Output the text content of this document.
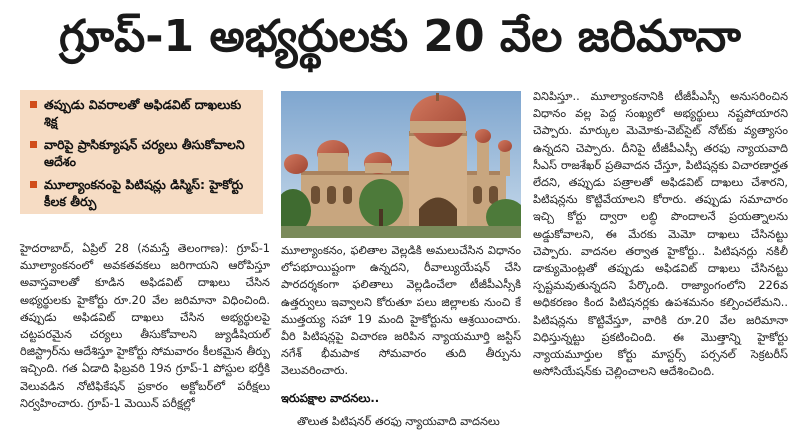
గ్రూప్-1 అభ్యర్థులకు 20 వేల జరిమానా
తప్పుడు వివరాలతో అఫిడవిట్ దాఖలుకు శిక్ష
వారిపై ప్రాసిక్యూషన్ చర్యలు తీసుకోవాలని ఆదేశం
మూల్యాంకనంపై పిటిషన్లు డిస్మిస్: హైకోర్టు కీలక తీర్పు

హైదరాబాద్, ఏప్రిల్ 28 (నమస్తే తెలంగాణ): గ్రూప్-1 మూల్యాంకనంలో అవకతవకలు జరిగాయని ఆరోపిస్తూ అవాస్తవాలతో కూడిన అఫిడవిట్ దాఖలు చేసిన అభ్యర్థులకు హైకోర్టు రూ.20 వేల జరిమానా విధించింది. తప్పుడు అఫిడవిట్ దాఖలు చేసిన అభ్యర్థులపై చట్టపరమైన చర్యలు తీసుకోవాలని జ్యుడీషియల్ రిజిస్ట్రార్‌ను ఆదేశిస్తూ హైకోర్టు సోమవారం కీలకమైన తీర్పు ఇచ్చింది. గత ఏడాది ఫిబ్రవరి 19న గ్రూప్-1 పోస్టుల భర్తీకి వెలువడిన నోటిఫికేషన్ ప్రకారం అక్టోబర్‌లో పరీక్షలు నిర్వహించారు. గ్రూప్-1 మెయిన్ పరీక్షల్లో

మూల్యాంకనం, ఫలితాల వెల్లడికి అమలుచేసిన విధానం లోపభూయిష్టంగా ఉన్నదని, రీవాల్యుయేషన్ చేసి పారదర్శకంగా ఫలితాలు వెల్లడించేలా టీజీపీఎస్సీకి ఉత్తర్వులు ఇవ్వాలని కోరుతూ పలు జిల్లాలకు నుంచి కే ముత్తయ్య సహా 19 మంది హైకోర్టును ఆశ్రయించారు. వీరి పిటిషన్లపై విచారణ జరిపిన న్యాయమూర్తి జస్టిస్ నగేశ్ భీమపాక సోమవారం తుది తీర్పును వెలువరించారు.

ఇరుపక్షాల వాదనలు..

తొలుత పిటిషనర్ తరఫు న్యాయవాది వాదనలు

వినిపిస్తూ.. మూల్యాంకనానికి టీజీపీఎస్సీ అనుసరించిన విధానం వల్ల పెద్ద సంఖ్యలో అభ్యర్థులు నష్టపోయారని చెప్పారు. మార్కుల మెమోకు-వెబ్‌సైట్ నోట్‌కు వ్యత్యాసం ఉన్నదని చెప్పారు. దీనిపై టీజీపీఎస్సీ తరఫు న్యాయవాది సీఎస్ రాజశేఖర్ ప్రతివాదన చేస్తూ, పిటిషన్లకు విచారణార్హత లేదని, తప్పుడు పత్రాలతో అఫిడవిట్ దాఖలు చేశారని, పిటిషన్లను కొట్టివేయాలని కోరారు. తప్పుడు సమాచారం ఇచ్చి కోర్టు ద్వారా లబ్ధి పొందాలనే ప్రయత్నాలను అడ్డుకోవాలని, ఈ మేరకు మెమో దాఖలు చేసినట్టు చెప్పారు. వాదనల తర్వాత హైకోర్టు.. పిటిషనర్లు నకిలీ డాక్యుమెంట్లతో తప్పుడు అఫిడవిట్ దాఖలు చేసినట్టు స్పష్టమవుతున్నదని పేర్కొంది. రాజ్యాంగంలోని 226వ అధికరణం కింద పిటిషనర్లకు ఉపశమనం కల్పించలేమని.. పిటిషన్లను కొట్టివేస్తూ, వారికి రూ.20 వేల జరిమానా విధిస్తున్నట్టు ప్రకటించింది. ఈ మొత్తాన్ని హైకోర్టు న్యాయమూర్తుల కోర్టు మాస్టర్స్ పర్సనల్ సెక్రటరీస్ అసోసియేషన్‌కు చెల్లించాలని ఆదేశించింది.
